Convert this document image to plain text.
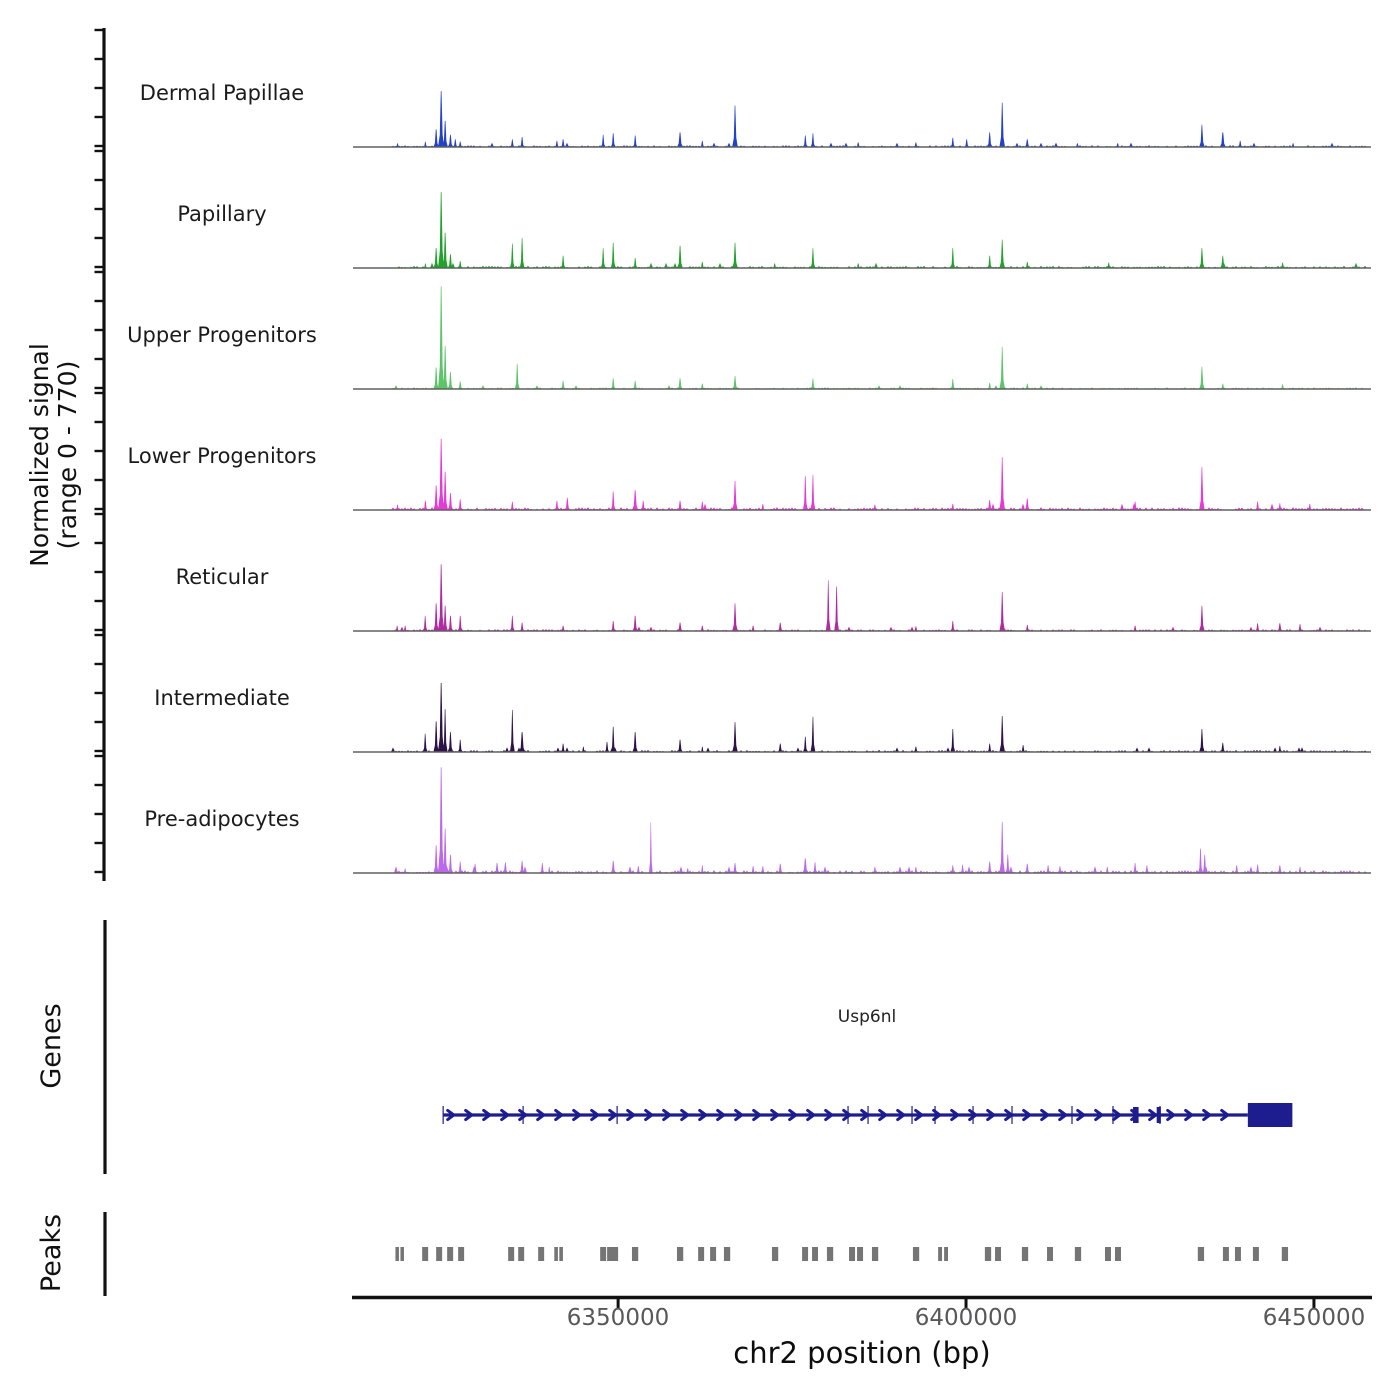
Normalized signal (range 0 - 770)
Dermal Papillae
Papillary
Upper Progenitors
Lower Progenitors
Reticular
Intermediate
Pre-adipocytes
Genes
Peaks
Usp6nl
6350000	6400000	6450000
chr2 position (bp)
